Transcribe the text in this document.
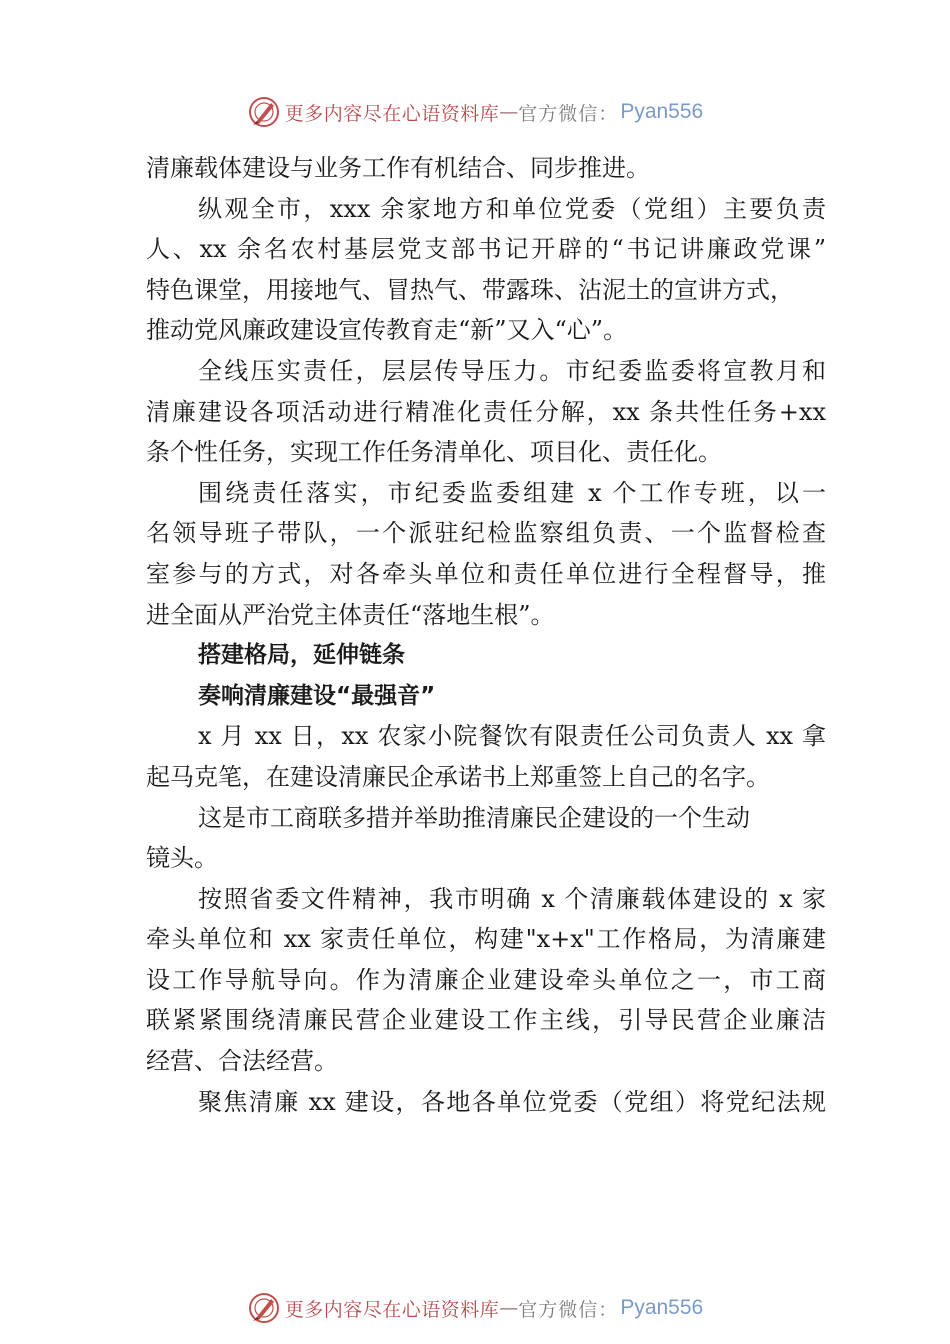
更多内容尽在心语资料库 — 官方微信： Pyan556
清廉载体建设与业务工作有机结合、同步推进。
纵观全市，xxx 余家地方和单位党委（党组）主要负责
人、xx 余名农村基层党支部书记开辟的“书记讲廉政党课”
特色课堂，用接地气、冒热气、带露珠、沾泥土的宣讲方式，
推动党风廉政建设宣传教育走“新”又入“心”。
全线压实责任，层层传导压力。市纪委监委将宣教月和
清廉建设各项活动进行精准化责任分解，xx 条共性任务+xx
条个性任务，实现工作任务清单化、项目化、责任化。
围绕责任落实，市纪委监委组建 x 个工作专班，以一
名领导班子带队，一个派驻纪检监察组负责、一个监督检查
室参与的方式，对各牵头单位和责任单位进行全程督导，推
进全面从严治党主体责任“落地生根”。
搭建格局，延伸链条
奏响清廉建设“最强音”
x 月 xx 日，xx 农家小院餐饮有限责任公司负责人 xx 拿
起马克笔，在建设清廉民企承诺书上郑重签上自己的名字。
这是市工商联多措并举助推清廉民企建设的一个生动
镜头。
按照省委文件精神，我市明确 x 个清廉载体建设的 x 家
牵头单位和 xx 家责任单位，构建"x+x"工作格局，为清廉建
设工作导航导向。作为清廉企业建设牵头单位之一，市工商
联紧紧围绕清廉民营企业建设工作主线，引导民营企业廉洁
经营、合法经营。
聚焦清廉 xx 建设，各地各单位党委（党组）将党纪法规
更多内容尽在心语资料库 — 官方微信： Pyan556
